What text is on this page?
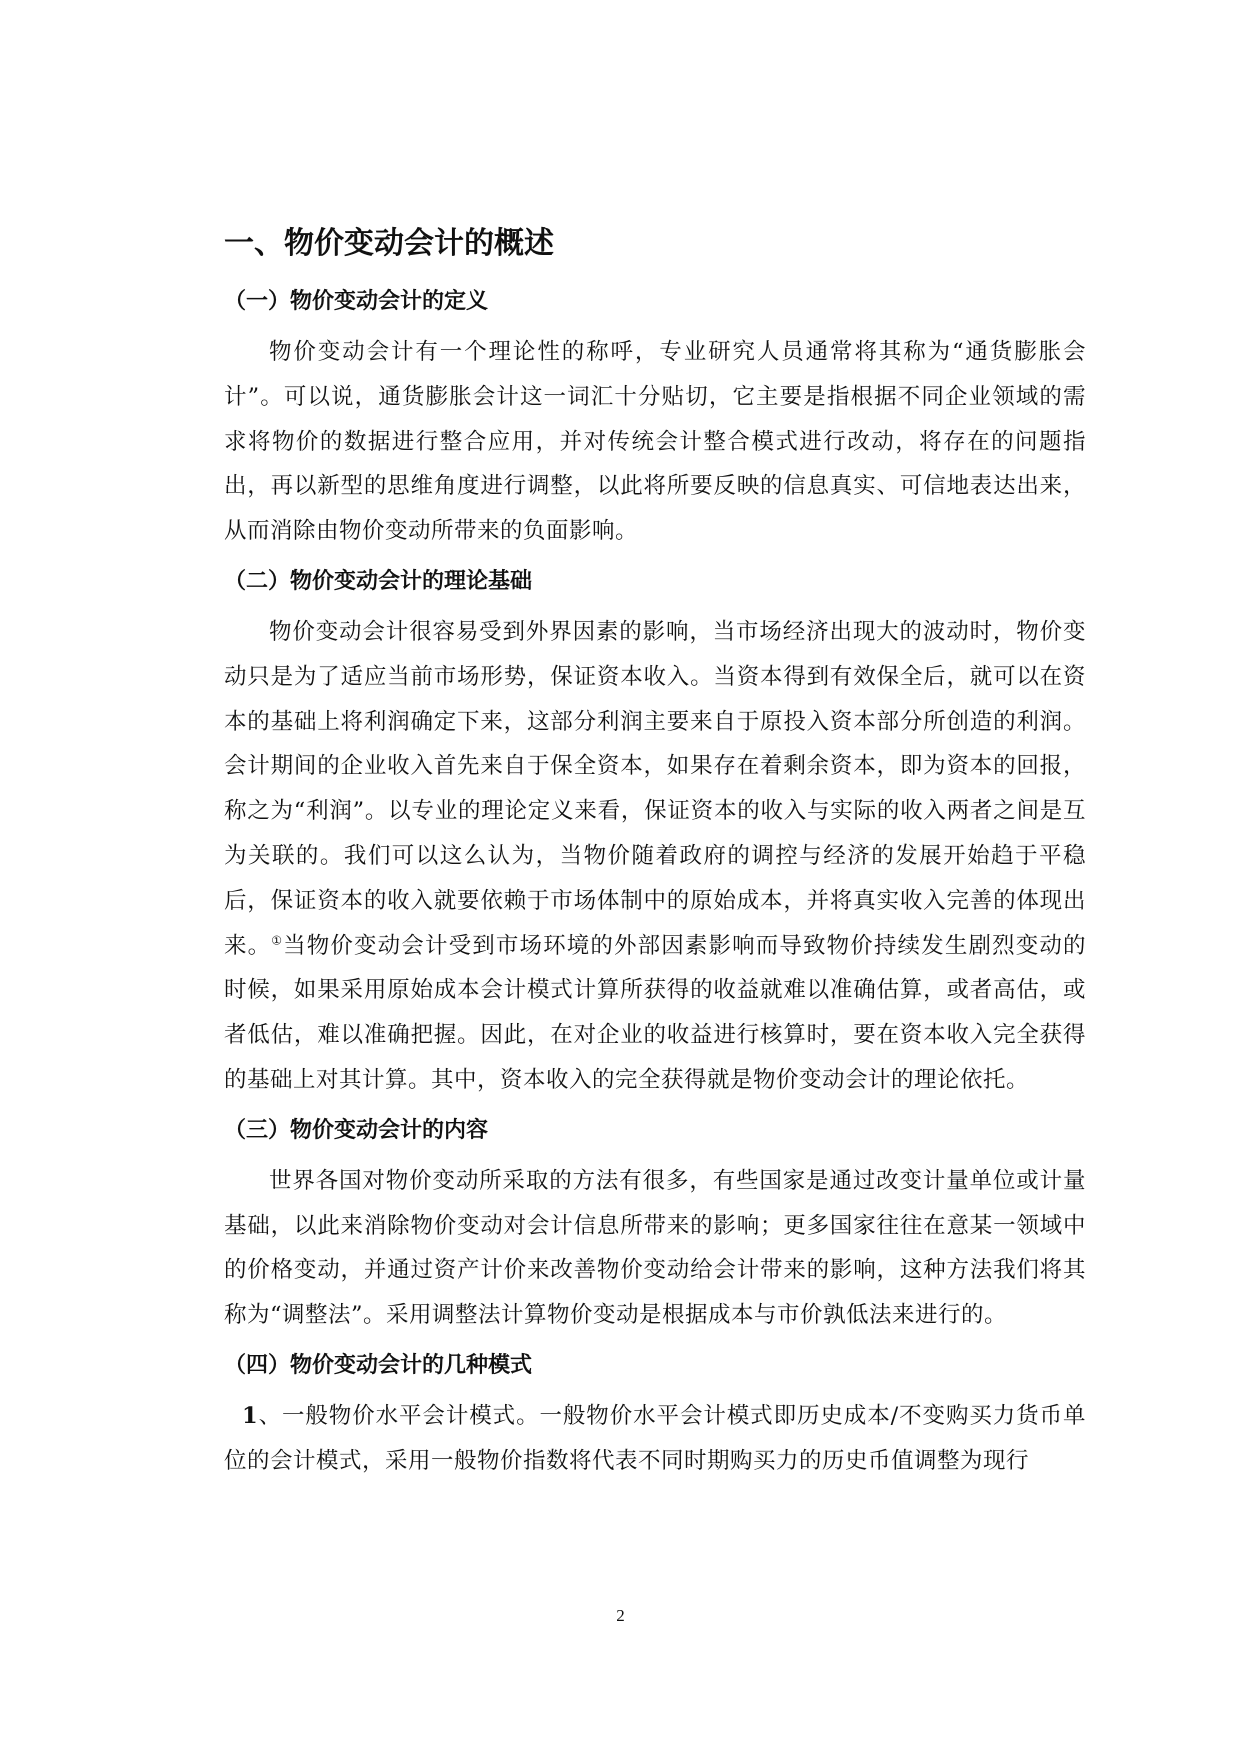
一、物价变动会计的概述
（一）物价变动会计的定义

物价变动会计有一个理论性的称呼，专业研究人员通常将其称为“通货膨胀会计”。可以说，通货膨胀会计这一词汇十分贴切，它主要是指根据不同企业领域的需求将物价的数据进行整合应用，并对传统会计整合模式进行改动，将存在的问题指出，再以新型的思维角度进行调整，以此将所要反映的信息真实、可信地表达出来，从而消除由物价变动所带来的负面影响。

（二）物价变动会计的理论基础

物价变动会计很容易受到外界因素的影响，当市场经济出现大的波动时，物价变动只是为了适应当前市场形势，保证资本收入。当资本得到有效保全后，就可以在资本的基础上将利润确定下来，这部分利润主要来自于原投入资本部分所创造的利润。会计期间的企业收入首先来自于保全资本，如果存在着剩余资本，即为资本的回报，称之为“利润”。以专业的理论定义来看，保证资本的收入与实际的收入两者之间是互为关联的。我们可以这么认为，当物价随着政府的调控与经济的发展开始趋于平稳后，保证资本的收入就要依赖于市场体制中的原始成本，并将真实收入完善的体现出来。①当物价变动会计受到市场环境的外部因素影响而导致物价持续发生剧烈变动的时候，如果采用原始成本会计模式计算所获得的收益就难以准确估算，或者高估，或者低估，难以准确把握。因此，在对企业的收益进行核算时，要在资本收入完全获得的基础上对其计算。其中，资本收入的完全获得就是物价变动会计的理论依托。

（三）物价变动会计的内容

世界各国对物价变动所采取的方法有很多，有些国家是通过改变计量单位或计量基础，以此来消除物价变动对会计信息所带来的影响；更多国家往往在意某一领域中的价格变动，并通过资产计价来改善物价变动给会计带来的影响，这种方法我们将其称为“调整法”。采用调整法计算物价变动是根据成本与市价孰低法来进行的。

（四）物价变动会计的几种模式

1、一般物价水平会计模式。一般物价水平会计模式即历史成本/不变购买力货币单位的会计模式，采用一般物价指数将代表不同时期购买力的历史币值调整为现行

2
